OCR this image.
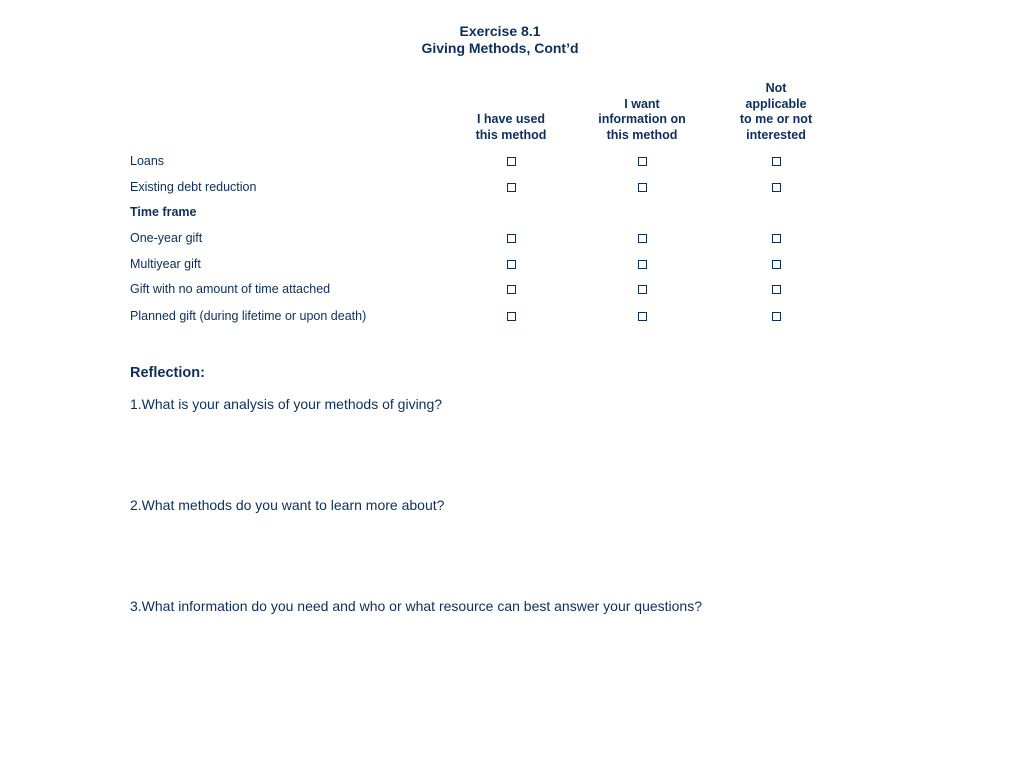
Exercise 8.1
Giving Methods, Cont’d
I have used
this method
I want
information on
this method
Not
applicable
to me or not
interested
Loans
Existing debt reduction
Time frame
One-year gift
Multiyear gift
Gift with no amount of time attached
Planned gift (during lifetime or upon death)
Reflection:
1.What is your analysis of your methods of giving?
2.What methods do you want to learn more about?
3.What information do you need and who or what resource can best answer your questions?
